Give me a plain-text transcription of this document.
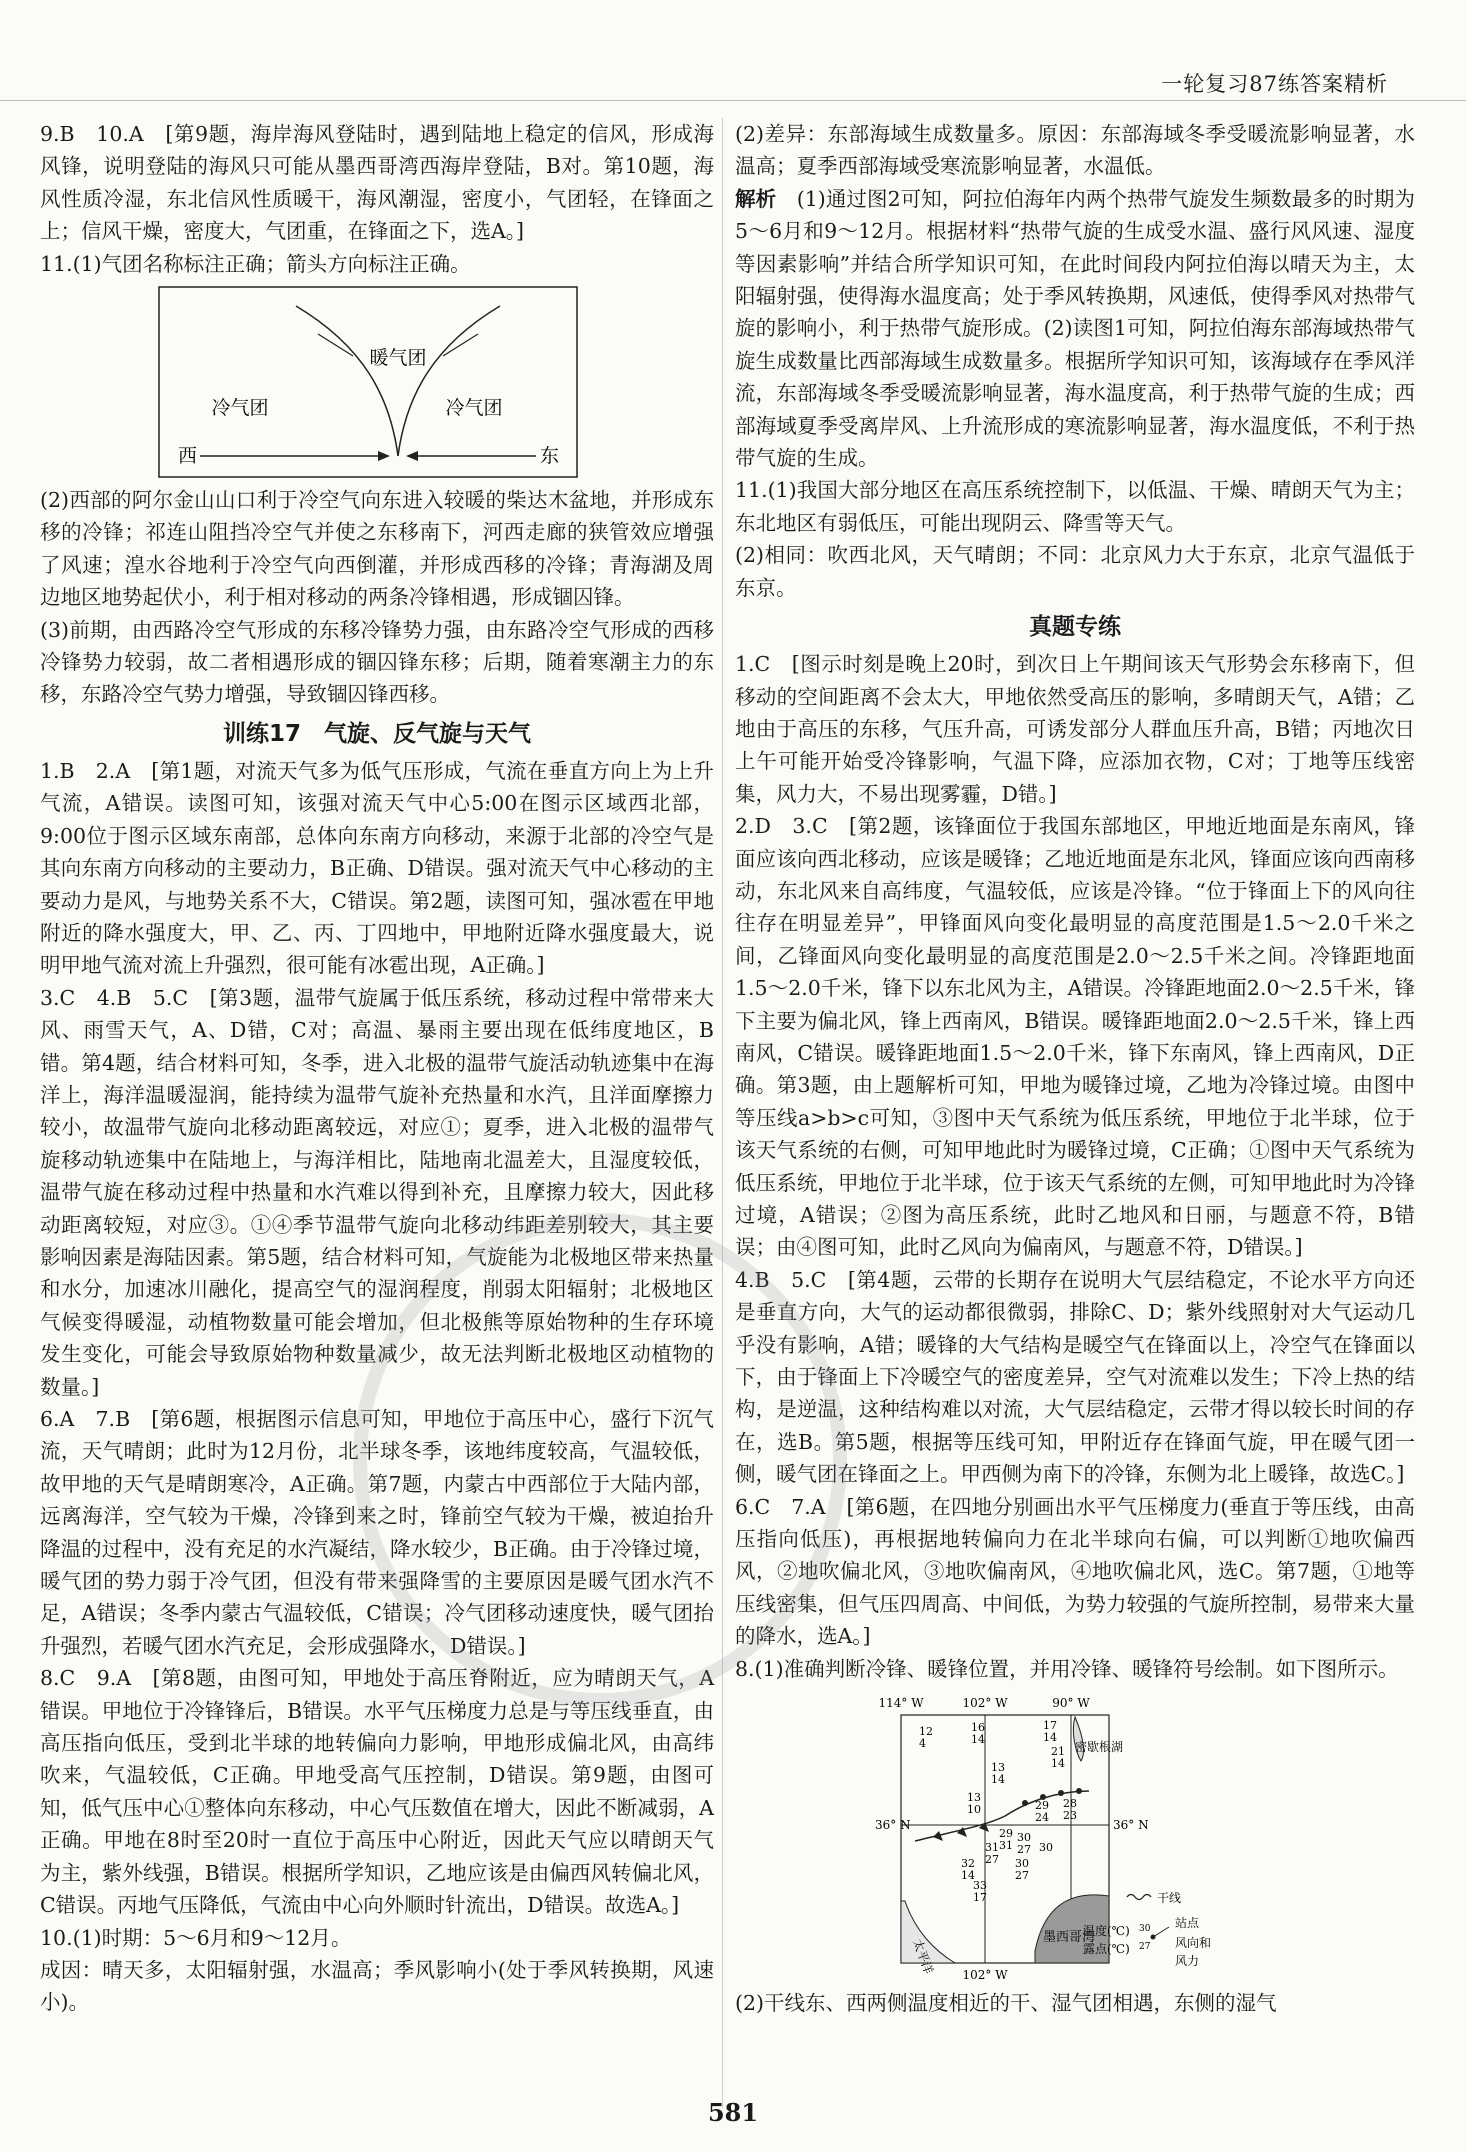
一轮复习87练答案精析

9.B　10.A　[第9题，海岸海风登陆时，遇到陆地上稳定的信风，形成海风锋，说明登陆的海风只可能从墨西哥湾西海岸登陆，B对。第10题，海风性质冷湿，东北信风性质暖干，海风潮湿，密度小，气团轻，在锋面之上；信风干燥，密度大，气团重，在锋面之下，选A。]

11.(1)气团名称标注正确；箭头方向标注正确。

暖气团
冷气团	冷气团
西	东

(2)西部的阿尔金山山口利于冷空气向东进入较暖的柴达木盆地，并形成东移的冷锋；祁连山阻挡冷空气并使之东移南下，河西走廊的狭管效应增强了风速；湟水谷地利于冷空气向西倒灌，并形成西移的冷锋；青海湖及周边地区地势起伏小，利于相对移动的两条冷锋相遇，形成锢囚锋。

(3)前期，由西路冷空气形成的东移冷锋势力强，由东路冷空气形成的西移冷锋势力较弱，故二者相遇形成的锢囚锋东移；后期，随着寒潮主力的东移，东路冷空气势力增强，导致锢囚锋西移。

训练17　气旋、反气旋与天气

1.B　2.A　[第1题，对流天气多为低气压形成，气流在垂直方向上为上升气流，A错误。读图可知，该强对流天气中心5:00在图示区域西北部，9:00位于图示区域东南部，总体向东南方向移动，来源于北部的冷空气是其向东南方向移动的主要动力，B正确、D错误。强对流天气中心移动的主要动力是风，与地势关系不大，C错误。第2题，读图可知，强冰雹在甲地附近的降水强度大，甲、乙、丙、丁四地中，甲地附近降水强度最大，说明甲地气流对流上升强烈，很可能有冰雹出现，A正确。]

3.C　4.B　5.C　[第3题，温带气旋属于低压系统，移动过程中常带来大风、雨雪天气，A、D错，C对；高温、暴雨主要出现在低纬度地区，B错。第4题，结合材料可知，冬季，进入北极的温带气旋活动轨迹集中在海洋上，海洋温暖湿润，能持续为温带气旋补充热量和水汽，且洋面摩擦力较小，故温带气旋向北移动距离较远，对应①；夏季，进入北极的温带气旋移动轨迹集中在陆地上，与海洋相比，陆地南北温差大，且湿度较低，温带气旋在移动过程中热量和水汽难以得到补充，且摩擦力较大，因此移动距离较短，对应③。①④季节温带气旋向北移动纬距差别较大，其主要影响因素是海陆因素。第5题，结合材料可知，气旋能为北极地区带来热量和水分，加速冰川融化，提高空气的湿润程度，削弱太阳辐射；北极地区气候变得暖湿，动植物数量可能会增加，但北极熊等原始物种的生存环境发生变化，可能会导致原始物种数量减少，故无法判断北极地区动植物的数量。]

6.A　7.B　[第6题，根据图示信息可知，甲地位于高压中心，盛行下沉气流，天气晴朗；此时为12月份，北半球冬季，该地纬度较高，气温较低，故甲地的天气是晴朗寒冷，A正确。第7题，内蒙古中西部位于大陆内部，远离海洋，空气较为干燥，冷锋到来之时，锋前空气较为干燥，被迫抬升降温的过程中，没有充足的水汽凝结，降水较少，B正确。由于冷锋过境，暖气团的势力弱于冷气团，但没有带来强降雪的主要原因是暖气团水汽不足，A错误；冬季内蒙古气温较低，C错误；冷气团移动速度快，暖气团抬升强烈，若暖气团水汽充足，会形成强降水，D错误。]

8.C　9.A　[第8题，由图可知，甲地处于高压脊附近，应为晴朗天气，A错误。甲地位于冷锋锋后，B错误。水平气压梯度力总是与等压线垂直，由高压指向低压，受到北半球的地转偏向力影响，甲地形成偏北风，由高纬吹来，气温较低，C正确。甲地受高气压控制，D错误。第9题，由图可知，低气压中心①整体向东移动，中心气压数值在增大，因此不断减弱，A正确。甲地在8时至20时一直位于高压中心附近，因此天气应以晴朗天气为主，紫外线强，B错误。根据所学知识，乙地应该是由偏西风转偏北风，C错误。丙地气压降低，气流由中心向外顺时针流出，D错误。故选A。]

10.(1)时期：5～6月和9～12月。

成因：晴天多，太阳辐射强，水温高；季风影响小(处于季风转换期，风速小)。

(2)差异：东部海域生成数量多。原因：东部海域冬季受暖流影响显著，水温高；夏季西部海域受寒流影响显著，水温低。

解析　 (1)通过图2可知，阿拉伯海年内两个热带气旋发生频数最多的时期为5～6月和9～12月。根据材料“热带气旋的生成受水温、盛行风风速、湿度等因素影响”并结合所学知识可知，在此时间段内阿拉伯海以晴天为主，太阳辐射强，使得海水温度高；处于季风转换期，风速低，使得季风对热带气旋的影响小，利于热带气旋形成。(2)读图1可知，阿拉伯海东部海域热带气旋生成数量比西部海域生成数量多。根据所学知识可知，该海域存在季风洋流，东部海域冬季受暖流影响显著，海水温度高，利于热带气旋的生成；西部海域夏季受离岸风、上升流形成的寒流影响显著，海水温度低，不利于热带气旋的生成。

11.(1)我国大部分地区在高压系统控制下，以低温、干燥、晴朗天气为主；东北地区有弱低压，可能出现阴云、降雪等天气。

(2)相同：吹西北风，天气晴朗；不同：北京风力大于东京，北京气温低于东京。

真题专练

1.C　[图示时刻是晚上20时，到次日上午期间该天气形势会东移南下，但移动的空间距离不会太大，甲地依然受高压的影响，多晴朗天气，A错；乙地由于高压的东移，气压升高，可诱发部分人群血压升高，B错；丙地次日上午可能开始受冷锋影响，气温下降，应添加衣物，C对；丁地等压线密集，风力大，不易出现雾霾，D错。]

2.D　3.C　[第2题，该锋面位于我国东部地区，甲地近地面是东南风，锋面应该向西北移动，应该是暖锋；乙地近地面是东北风，锋面应该向西南移动，东北风来自高纬度，气温较低，应该是冷锋。“位于锋面上下的风向往往存在明显差异”，甲锋面风向变化最明显的高度范围是1.5～2.0千米之间，乙锋面风向变化最明显的高度范围是2.0～2.5千米之间。冷锋距地面1.5～2.0千米，锋下以东北风为主，A错误。冷锋距地面2.0～2.5千米，锋下主要为偏北风，锋上西南风，B错误。暖锋距地面2.0～2.5千米，锋上西南风，C错误。暖锋距地面1.5～2.0千米，锋下东南风，锋上西南风，D正确。第3题，由上题解析可知，甲地为暖锋过境，乙地为冷锋过境。由图中等压线a>b>c可知，③图中天气系统为低压系统，甲地位于北半球，位于该天气系统的右侧，可知甲地此时为暖锋过境，C正确；①图中天气系统为低压系统，甲地位于北半球，位于该天气系统的左侧，可知甲地此时为冷锋过境，A错误；②图为高压系统，此时乙地风和日丽，与题意不符，B错误；由④图可知，此时乙风向为偏南风，与题意不符，D错误。]

4.B　5.C　[第4题，云带的长期存在说明大气层结稳定，不论水平方向还是垂直方向，大气的运动都很微弱，排除C、D；紫外线照射对大气运动几乎没有影响，A错；暖锋的大气结构是暖空气在锋面以上，冷空气在锋面以下，由于锋面上下冷暖空气的密度差异，空气对流难以发生；下冷上热的结构，是逆温，这种结构难以对流，大气层结稳定，云带才得以较长时间的存在，选B。第5题，根据等压线可知，甲附近存在锋面气旋，甲在暖气团一侧，暖气团在锋面之上。甲西侧为南下的冷锋，东侧为北上暖锋，故选C。]

6.C　7.A　[第6题，在四地分别画出水平气压梯度力(垂直于等压线，由高压指向低压)，再根据地转偏向力在北半球向右偏，可以判断①地吹偏西风，②地吹偏北风，③地吹偏南风，④地吹偏北风，选C。第7题，①地等压线密集，但气压四周高、中间低，为势力较强的气旋所控制，易带来大量的降水，选A。]

8.(1)准确判断冷锋、暖锋位置，并用冷锋、暖锋符号绘制。如下图所示。

114° W	102° W	90° W
102° W
36° N	36° N
墨西哥湾
太平洋
密歇根湖
12
4
16
14
17
14
21
14
13
14
13
10	29
24
28
23
30
27 30
31
27
29
31
32
14
33
17
30
27
干线
温度(℃)
露点(℃)
30
27
站点
风向和
风力

(2)干线东、西两侧温度相近的干、湿气团相遇，东侧的湿气

581
